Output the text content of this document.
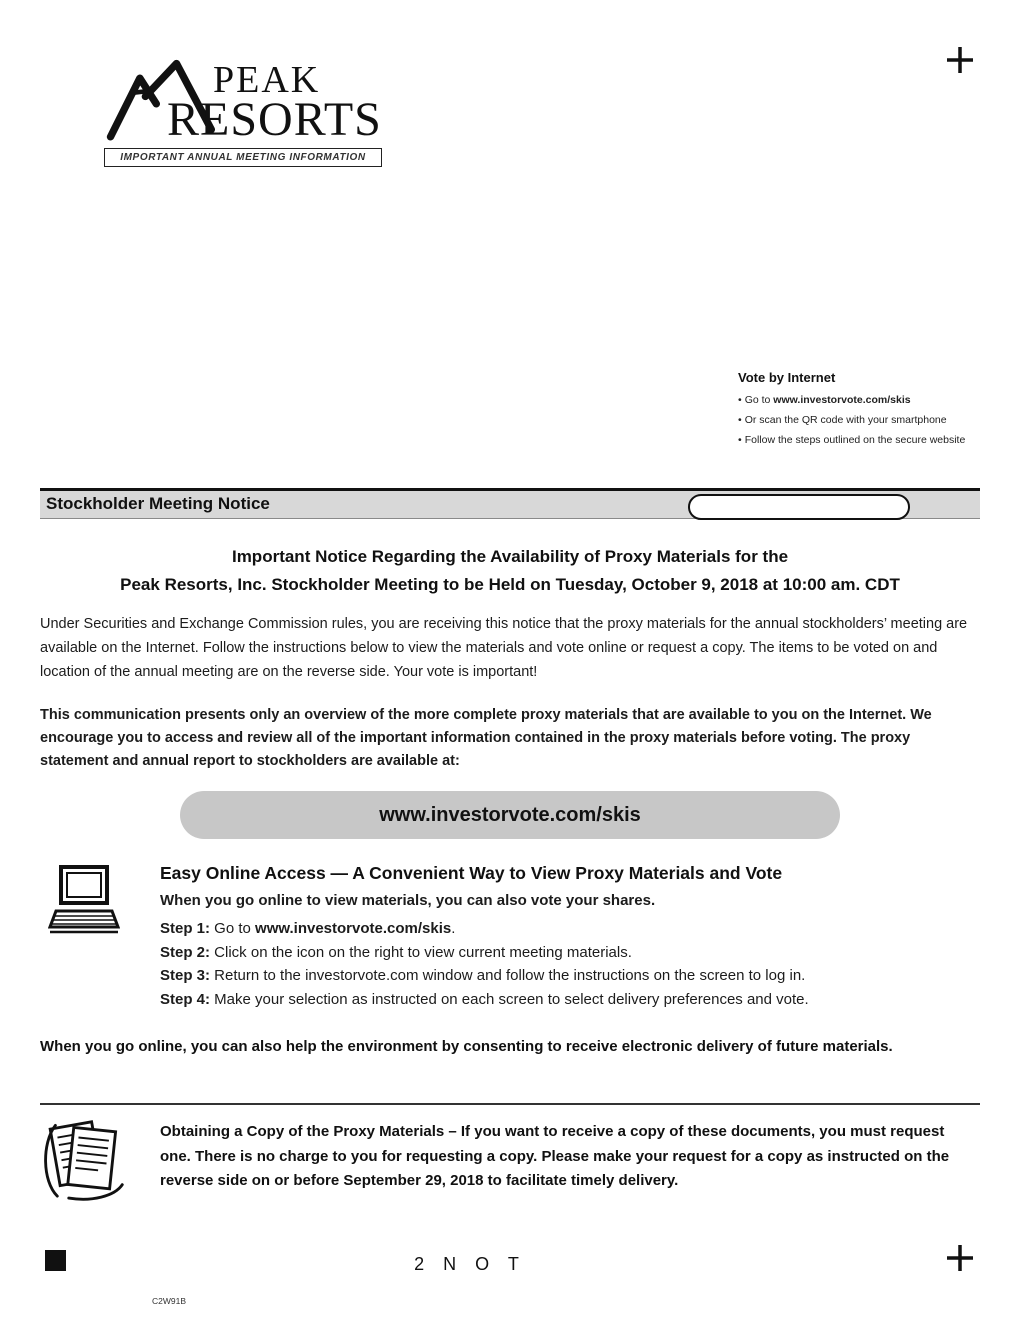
PEAK
RESORTS
IMPORTANT ANNUAL MEETING INFORMATION
Vote by Internet
• Go to www.investorvote.com/skis
• Or scan the QR code with your smartphone
• Follow the steps outlined on the secure website
Stockholder Meeting Notice
Important Notice Regarding the Availability of Proxy Materials for the
Peak Resorts, Inc. Stockholder Meeting to be Held on Tuesday, October 9, 2018 at 10:00 am. CDT
Under Securities and Exchange Commission rules, you are receiving this notice that the proxy materials for the annual stockholders’ meeting are available on the Internet. Follow the instructions below to view the materials and vote online or request a copy. The items to be voted on and location of the annual meeting are on the reverse side. Your vote is important!
This communication presents only an overview of the more complete proxy materials that are available to you on the Internet. We encourage you to access and review all of the important information contained in the proxy materials before voting. The proxy statement and annual report to stockholders are available at:
www.investorvote.com/skis
Easy Online Access — A Convenient Way to View Proxy Materials and Vote
When you go online to view materials, you can also vote your shares.
Step 1: Go to www.investorvote.com/skis.
Step 2: Click on the icon on the right to view current meeting materials.
Step 3: Return to the investorvote.com window and follow the instructions on the screen to log in.
Step 4: Make your selection as instructed on each screen to select delivery preferences and vote.
When you go online, you can also help the environment by consenting to receive electronic delivery of future materials.
Obtaining a Copy of the Proxy Materials – If you want to receive a copy of these documents, you must request one. There is no charge to you for requesting a copy. Please make your request for a copy as instructed on the reverse side on or before September 29, 2018 to facilitate timely delivery.
2 N O T
C2W91B
